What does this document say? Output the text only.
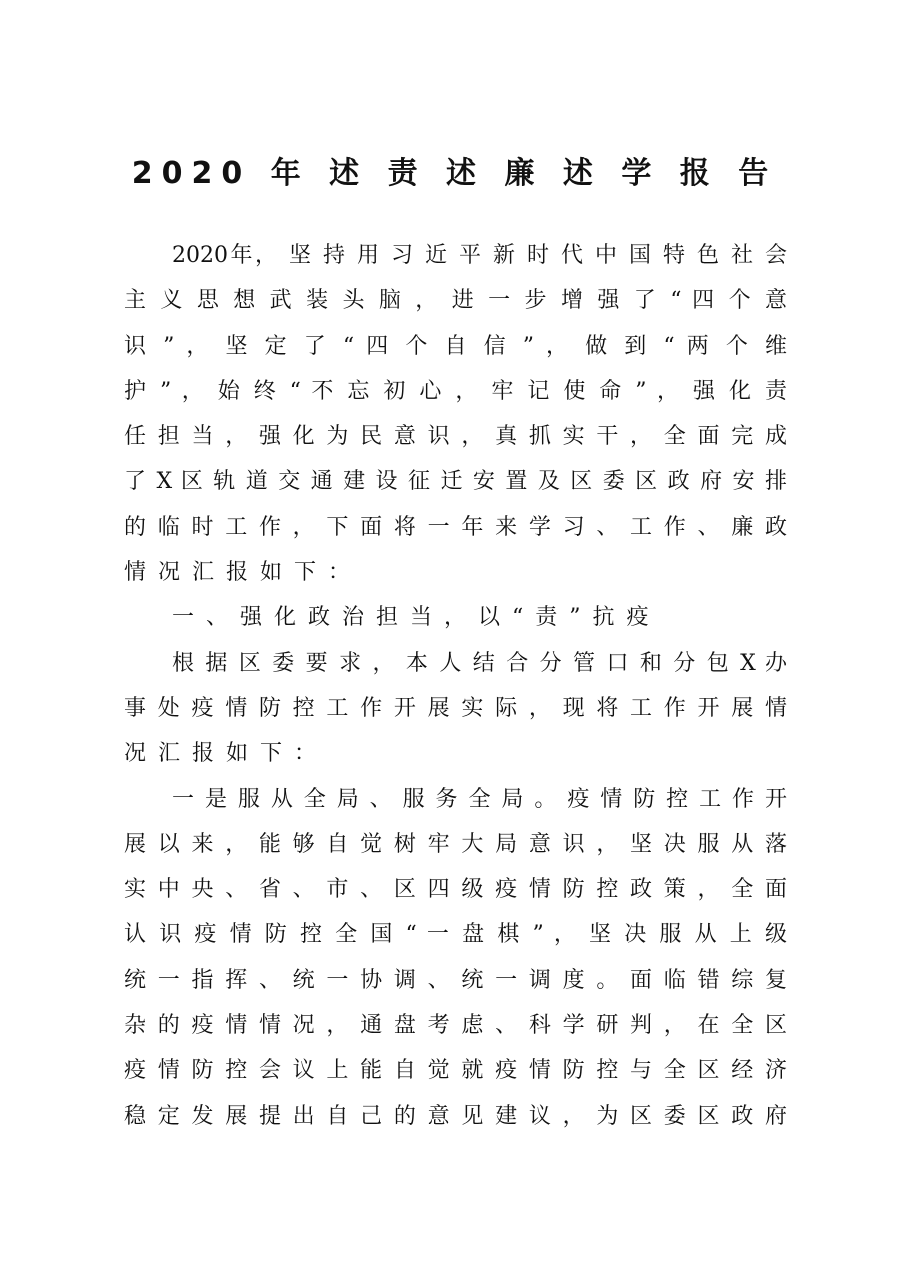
2020 年 述 责 述 廉 述 学 报 告
2020年， 坚 持 用 习 近 平 新 时 代 中 国 特 色 社 会
主 义 思 想 武 装 头 脑 ， 进 一 步 增 强 了 “ 四 个 意
识 ” ， 坚 定 了 “ 四 个 自 信 ” ， 做 到 “ 两 个 维
护 ” ， 始 终 “ 不 忘 初 心 ， 牢 记 使 命 ” ， 强 化 责
任 担 当 ， 强 化 为 民 意 识 ， 真 抓 实 干 ， 全 面 完 成
了 X 区 轨 道 交 通 建 设 征 迁 安 置 及 区 委 区 政 府 安 排
的 临 时 工 作 ， 下 面 将 一 年 来 学 习 、 工 作 、 廉 政
情况汇报如下：
一、强化政治担当，以“责”抗疫
根 据 区 委 要 求 ， 本 人 结 合 分 管 口 和 分 包 X 办
事 处 疫 情 防 控 工 作 开 展 实 际 ， 现 将 工 作 开 展 情
况汇报如下：
一 是 服 从 全 局 、 服 务 全 局 。 疫 情 防 控 工 作 开
展 以 来 ， 能 够 自 觉 树 牢 大 局 意 识 ， 坚 决 服 从 落
实 中 央 、 省 、 市 、 区 四 级 疫 情 防 控 政 策 ， 全 面
认 识 疫 情 防 控 全 国 “ 一 盘 棋 ” ， 坚 决 服 从 上 级
统 一 指 挥 、 统 一 协 调 、 统 一 调 度 。 面 临 错 综 复
杂 的 疫 情 情 况 ， 通 盘 考 虑 、 科 学 研 判 ， 在 全 区
疫 情 防 控 会 议 上 能 自 觉 就 疫 情 防 控 与 全 区 经 济
稳 定 发 展 提 出 自 己 的 意 见 建 议 ， 为 区 委 区 政 府
